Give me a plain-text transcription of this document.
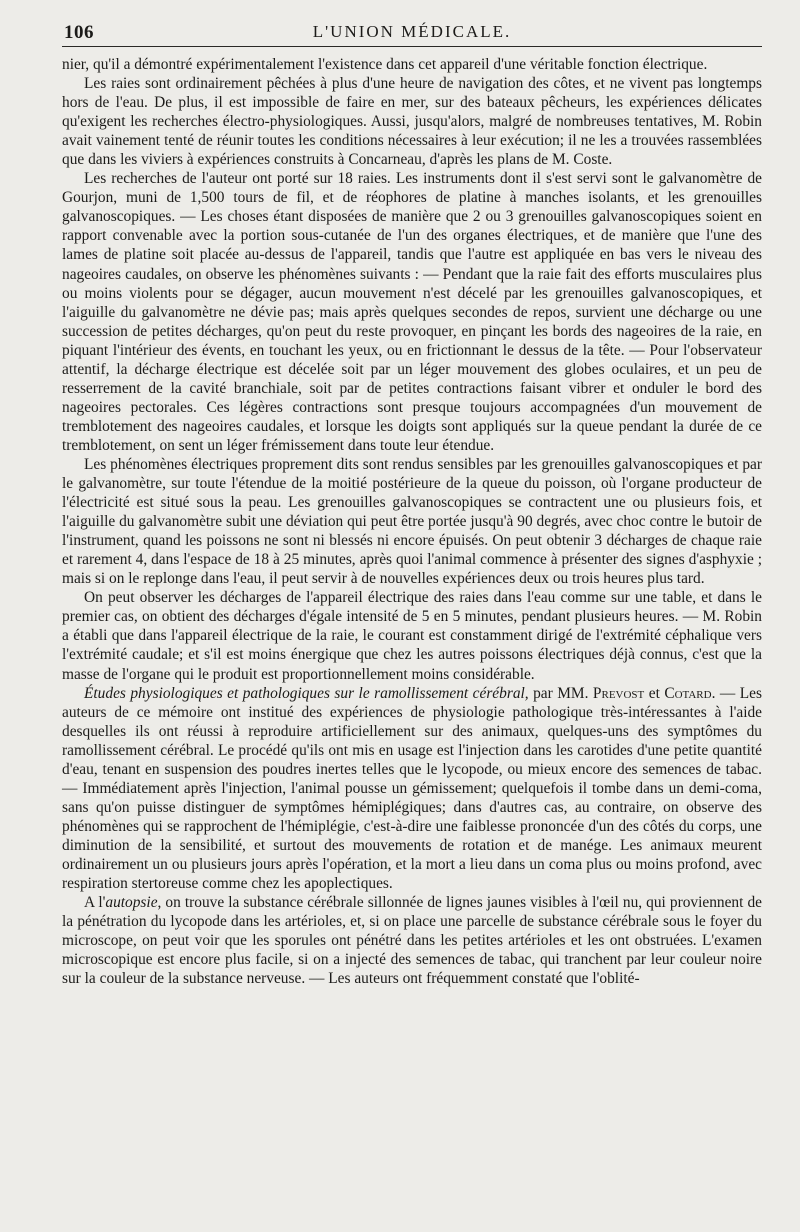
106	L'UNION MÉDICALE.

nier, qu'il a démontré expérimentalement l'existence dans cet appareil d'une véritable fonction électrique.

Les raies sont ordinairement pêchées à plus d'une heure de navigation des côtes, et ne vivent pas longtemps hors de l'eau. De plus, il est impossible de faire en mer, sur des bateaux pêcheurs, les expériences délicates qu'exigent les recherches électro-physiologiques. Aussi, jusqu'alors, malgré de nombreuses tentatives, M. Robin avait vainement tenté de réunir toutes les conditions nécessaires à leur exécution; il ne les a trouvées rassemblées que dans les viviers à expériences construits à Concarneau, d'après les plans de M. Coste.

Les recherches de l'auteur ont porté sur 18 raies. Les instruments dont il s'est servi sont le galvanomètre de Gourjon, muni de 1,500 tours de fil, et de réophores de platine à manches isolants, et les grenouilles galvanoscopiques. — Les choses étant disposées de manière que 2 ou 3 grenouilles galvanoscopiques soient en rapport convenable avec la portion sous-cutanée de l'un des organes électriques, et de manière que l'une des lames de platine soit placée au-dessus de l'appareil, tandis que l'autre est appliquée en bas vers le niveau des nageoires caudales, on observe les phénomènes suivants : — Pendant que la raie fait des efforts musculaires plus ou moins violents pour se dégager, aucun mouvement n'est décelé par les grenouilles galvanoscopiques, et l'aiguille du galvanomètre ne dévie pas; mais après quelques secondes de repos, survient une décharge ou une succession de petites décharges, qu'on peut du reste provoquer, en pinçant les bords des nageoires de la raie, en piquant l'intérieur des évents, en touchant les yeux, ou en frictionnant le dessus de la tête. — Pour l'observateur attentif, la décharge électrique est décelée soit par un léger mouvement des globes oculaires, et un peu de resserrement de la cavité branchiale, soit par de petites contractions faisant vibrer et onduler le bord des nageoires pectorales. Ces légères contractions sont presque toujours accompagnées d'un mouvement de tremblotement des nageoires caudales, et lorsque les doigts sont appliqués sur la queue pendant la durée de ce tremblotement, on sent un léger frémissement dans toute leur étendue.

Les phénomènes électriques proprement dits sont rendus sensibles par les grenouilles galvanoscopiques et par le galvanomètre, sur toute l'étendue de la moitié postérieure de la queue du poisson, où l'organe producteur de l'électricité est situé sous la peau. Les grenouilles galvanoscopiques se contractent une ou plusieurs fois, et l'aiguille du galvanomètre subit une déviation qui peut être portée jusqu'à 90 degrés, avec choc contre le butoir de l'instrument, quand les poissons ne sont ni blessés ni encore épuisés. On peut obtenir 3 décharges de chaque raie et rarement 4, dans l'espace de 18 à 25 minutes, après quoi l'animal commence à présenter des signes d'asphyxie ; mais si on le replonge dans l'eau, il peut servir à de nouvelles expériences deux ou trois heures plus tard.

On peut observer les décharges de l'appareil électrique des raies dans l'eau comme sur une table, et dans le premier cas, on obtient des décharges d'égale intensité de 5 en 5 minutes, pendant plusieurs heures. — M. Robin a établi que dans l'appareil électrique de la raie, le courant est constamment dirigé de l'extrémité céphalique vers l'extrémité caudale; et s'il est moins énergique que chez les autres poissons électriques déjà connus, c'est que la masse de l'organe qui le produit est proportionnellement moins considérable.

Études physiologiques et pathologiques sur le ramollissement cérébral, par MM. Prevost et Cotard. — Les auteurs de ce mémoire ont institué des expériences de physiologie pathologique très-intéressantes à l'aide desquelles ils ont réussi à reproduire artificiellement sur des animaux, quelques-uns des symptômes du ramollissement cérébral. Le procédé qu'ils ont mis en usage est l'injection dans les carotides d'une petite quantité d'eau, tenant en suspension des poudres inertes telles que le lycopode, ou mieux encore des semences de tabac. — Immédiatement après l'injection, l'animal pousse un gémissement; quelquefois il tombe dans un demi-coma, sans qu'on puisse distinguer de symptômes hémiplégiques; dans d'autres cas, au contraire, on observe des phénomènes qui se rapprochent de l'hémiplégie, c'est-à-dire une faiblesse prononcée d'un des côtés du corps, une diminution de la sensibilité, et surtout des mouvements de rotation et de manége. Les animaux meurent ordinairement un ou plusieurs jours après l'opération, et la mort a lieu dans un coma plus ou moins profond, avec respiration stertoreuse comme chez les apoplectiques.

A l'autopsie, on trouve la substance cérébrale sillonnée de lignes jaunes visibles à l'œil nu, qui proviennent de la pénétration du lycopode dans les artérioles, et, si on place une parcelle de substance cérébrale sous le foyer du microscope, on peut voir que les sporules ont pénétré dans les petites artérioles et les ont obstruées. L'examen microscopique est encore plus facile, si on a injecté des semences de tabac, qui tranchent par leur couleur noire sur la couleur de la substance nerveuse. — Les auteurs ont fréquemment constaté que l'oblité-
